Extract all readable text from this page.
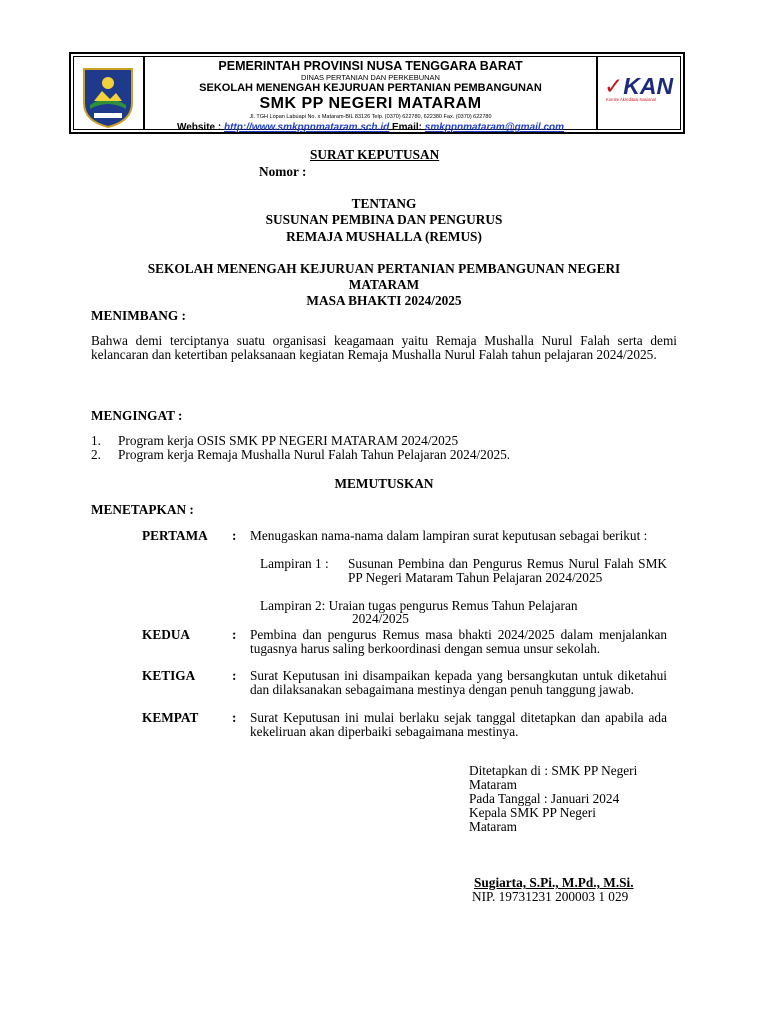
PEMERINTAH PROVINSI NUSA TENGGARA BARAT
DINAS PERTANIAN DAN PERKEBUNAN
SEKOLAH MENENGAH KEJURUAN PERTANIAN PEMBANGUNAN
SMK PP NEGERI MATARAM
Jl. TGH Lopan Labuapi No. x Mataram-BIL 83126 Telp. (0370) 622780, 622380 Fax. (0370) 622780
Website : http://www.smkppnmataram.sch.id Email: smkppnmataram@gmail.com
✓KAN
Komite Akreditasi Nasional
SURAT KEPUTUSAN
Nomor :
TENTANG
SUSUNAN PEMBINA DAN PENGURUS
REMAJA MUSHALLA (REMUS)
SEKOLAH MENENGAH KEJURUAN PERTANIAN PEMBANGUNAN NEGERI
MATARAM
MASA BHAKTI 2024/2025
MENIMBANG :
Bahwa demi terciptanya suatu organisasi keagamaan yaitu Remaja Mushalla Nurul Falah serta demi kelancaran dan ketertiban pelaksanaan kegiatan Remaja Mushalla Nurul Falah tahun pelajaran 2024/2025.
MENGINGAT :
1. Program kerja OSIS SMK PP NEGERI MATARAM 2024/2025
2. Program kerja Remaja Mushalla Nurul Falah Tahun Pelajaran 2024/2025.
MEMUTUSKAN
MENETAPKAN :
PERTAMA : Menugaskan nama-nama dalam lampiran surat keputusan sebagai berikut :
Lampiran 1 : Susunan Pembina dan Pengurus Remus Nurul Falah SMK PP Negeri Mataram Tahun Pelajaran 2024/2025
Lampiran 2: Uraian tugas pengurus Remus Tahun Pelajaran
2024/2025
KEDUA	: Pembina dan pengurus Remus masa bhakti 2024/2025 dalam menjalankan tugasnya harus saling berkoordinasi dengan semua unsur sekolah.
KETIGA	: Surat Keputusan ini disampaikan kepada yang bersangkutan untuk diketahui dan dilaksanakan sebagaimana mestinya dengan penuh tanggung jawab.
KEMPAT	: Surat Keputusan ini mulai berlaku sejak tanggal ditetapkan dan apabila ada kekeliruan akan diperbaiki sebagaimana mestinya.
Ditetapkan di : SMK PP Negeri
Mataram
Pada Tanggal : Januari 2024
Kepala SMK PP Negeri
Mataram
Sugiarta, S.Pi., M.Pd., M.Si.
NIP. 19731231 200003 1 029
